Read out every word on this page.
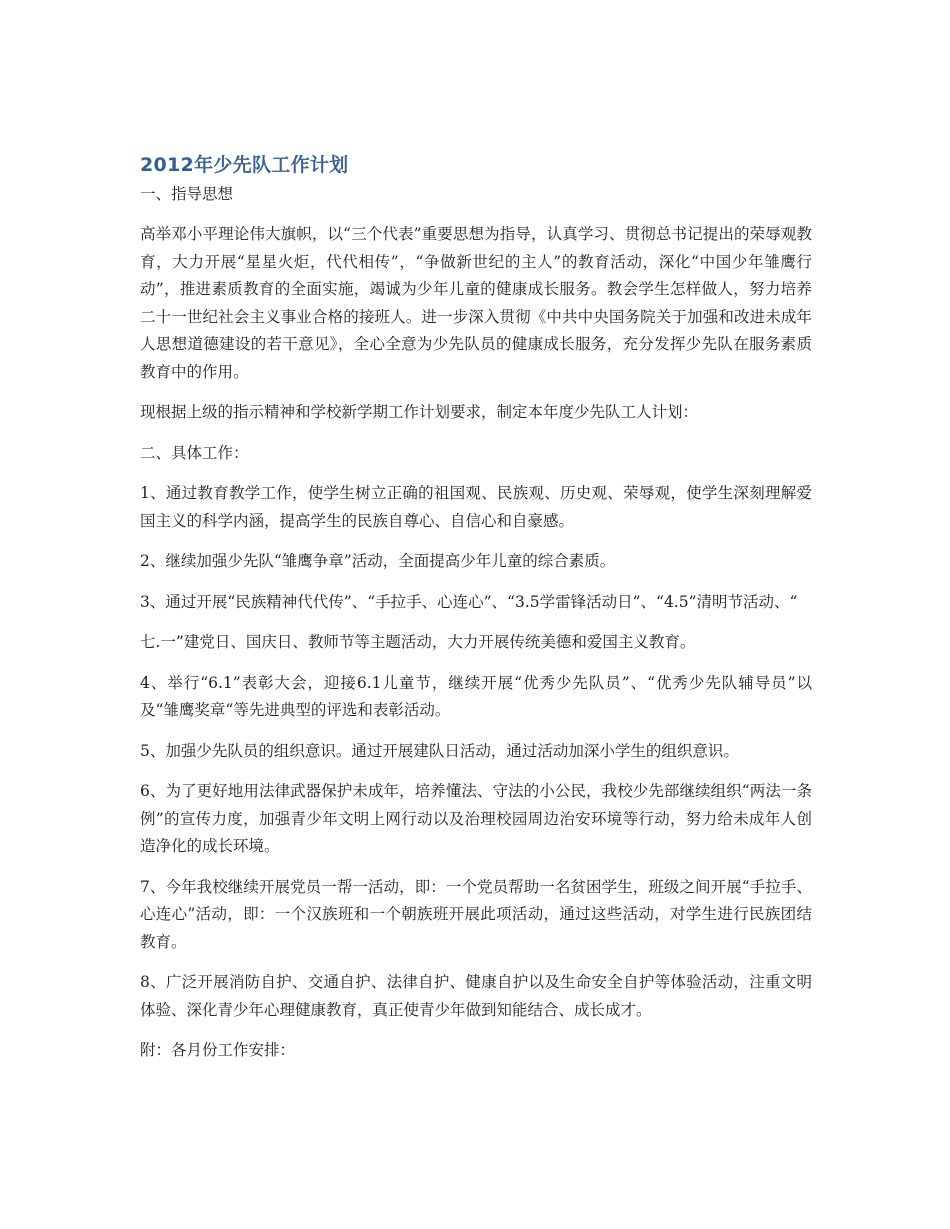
2012年少先队工作计划
一、指导思想

高举邓小平理论伟大旗帜，以“三个代表”重要思想为指导，认真学习、贯彻总书记提出的荣辱观教育，大力开展“星星火炬，代代相传”，“争做新世纪的主人”的教育活动，深化“中国少年雏鹰行动”，推进素质教育的全面实施，竭诚为少年儿童的健康成长服务。教会学生怎样做人，努力培养二十一世纪社会主义事业合格的接班人。进一步深入贯彻《中共中央国务院关于加强和改进未成年人思想道德建设的若干意见》，全心全意为少先队员的健康成长服务，充分发挥少先队在服务素质教育中的作用。

现根据上级的指示精神和学校新学期工作计划要求，制定本年度少先队工人计划：

二、具体工作：

1、通过教育教学工作，使学生树立正确的祖国观、民族观、历史观、荣辱观，使学生深刻理解爱国主义的科学内涵，提高学生的民族自尊心、自信心和自豪感。

2、继续加强少先队“雏鹰争章”活动，全面提高少年儿童的综合素质。

3、通过开展“民族精神代代传”、“手拉手、心连心”、“3.5学雷锋活动日”、“4.5”清明节活动、“

七.一”建党日、国庆日、教师节等主题活动，大力开展传统美德和爱国主义教育。

4、举行“6.1”表彰大会，迎接6.1儿童节，继续开展“优秀少先队员”、“优秀少先队辅导员”以及“雏鹰奖章“等先进典型的评选和表彰活动。

5、加强少先队员的组织意识。通过开展建队日活动，通过活动加深小学生的组织意识。

6、为了更好地用法律武器保护未成年，培养懂法、守法的小公民，我校少先部继续组织“两法一条例”的宣传力度，加强青少年文明上网行动以及治理校园周边治安环境等行动，努力给未成年人创造净化的成长环境。

7、今年我校继续开展党员一帮一活动，即：一个党员帮助一名贫困学生，班级之间开展“手拉手、心连心”活动，即：一个汉族班和一个朝族班开展此项活动，通过这些活动，对学生进行民族团结教育。

8、广泛开展消防自护、交通自护、法律自护、健康自护以及生命安全自护等体验活动，注重文明体验、深化青少年心理健康教育，真正使青少年做到知能结合、成长成才。

附：各月份工作安排：
